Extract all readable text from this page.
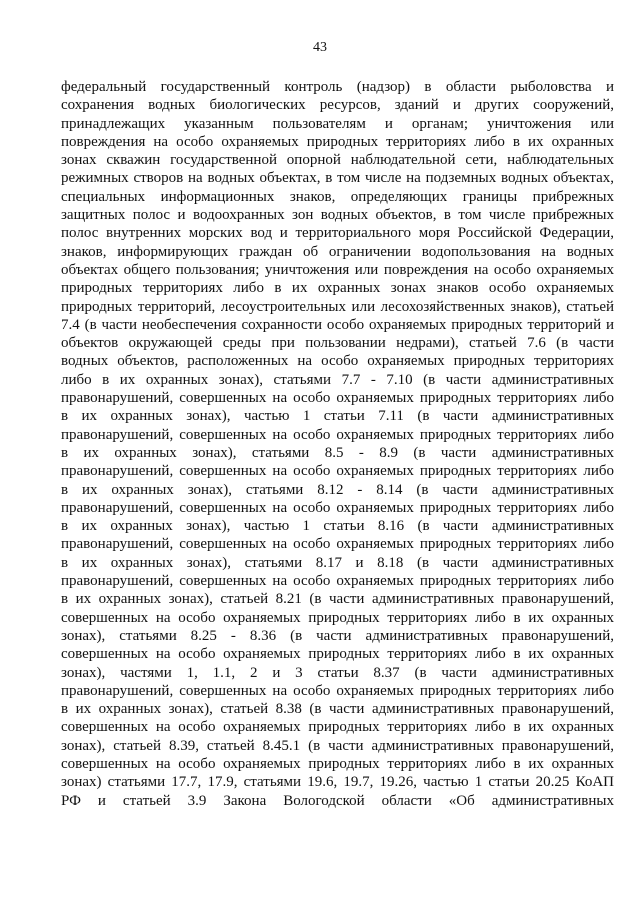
43
федеральный государственный контроль (надзор) в области рыболовства и
сохранения водных биологических ресурсов, зданий и других сооружений,
принадлежащих указанным пользователям и органам; уничтожения или
повреждения на особо охраняемых природных территориях либо в их охранных
зонах скважин государственной опорной наблюдательной сети, наблюдательных
режимных створов на водных объектах, в том числе на подземных водных объектах,
специальных информационных знаков, определяющих границы прибрежных
защитных полос и водоохранных зон водных объектов, в том числе прибрежных
полос внутренних морских вод и территориального моря Российской Федерации,
знаков, информирующих граждан об ограничении водопользования на водных
объектах общего пользования; уничтожения или повреждения на особо охраняемых
природных территориях либо в их охранных зонах знаков особо охраняемых
природных территорий, лесоустроительных или лесохозяйственных знаков), статьей
7.4 (в части необеспечения сохранности особо охраняемых природных территорий и
объектов окружающей среды при пользовании недрами), статьей 7.6 (в части
водных объектов, расположенных на особо охраняемых природных территориях
либо в их охранных зонах), статьями 7.7 - 7.10 (в части административных
правонарушений, совершенных на особо охраняемых природных территориях либо
в их охранных зонах), частью 1 статьи 7.11 (в части административных
правонарушений, совершенных на особо охраняемых природных территориях либо
в их охранных зонах), статьями 8.5 - 8.9 (в части административных
правонарушений, совершенных на особо охраняемых природных территориях либо
в их охранных зонах), статьями 8.12 - 8.14 (в части административных
правонарушений, совершенных на особо охраняемых природных территориях либо
в их охранных зонах), частью 1 статьи 8.16 (в части административных
правонарушений, совершенных на особо охраняемых природных территориях либо
в их охранных зонах), статьями 8.17 и 8.18 (в части административных
правонарушений, совершенных на особо охраняемых природных территориях либо
в их охранных зонах), статьей 8.21 (в части административных правонарушений,
совершенных на особо охраняемых природных территориях либо в их охранных
зонах), статьями 8.25 - 8.36 (в части административных правонарушений,
совершенных на особо охраняемых природных территориях либо в их охранных
зонах), частями 1, 1.1, 2 и 3 статьи 8.37 (в части административных
правонарушений, совершенных на особо охраняемых природных территориях либо
в их охранных зонах), статьей 8.38 (в части административных правонарушений,
совершенных на особо охраняемых природных территориях либо в их охранных
зонах), статьей 8.39, статьей 8.45.1 (в части административных правонарушений,
совершенных на особо охраняемых природных территориях либо в их охранных
зонах) статьями 17.7, 17.9, статьями 19.6, 19.7, 19.26, частью 1 статьи 20.25 КоАП
РФ и статьей 3.9 Закона Вологодской области «Об административных
